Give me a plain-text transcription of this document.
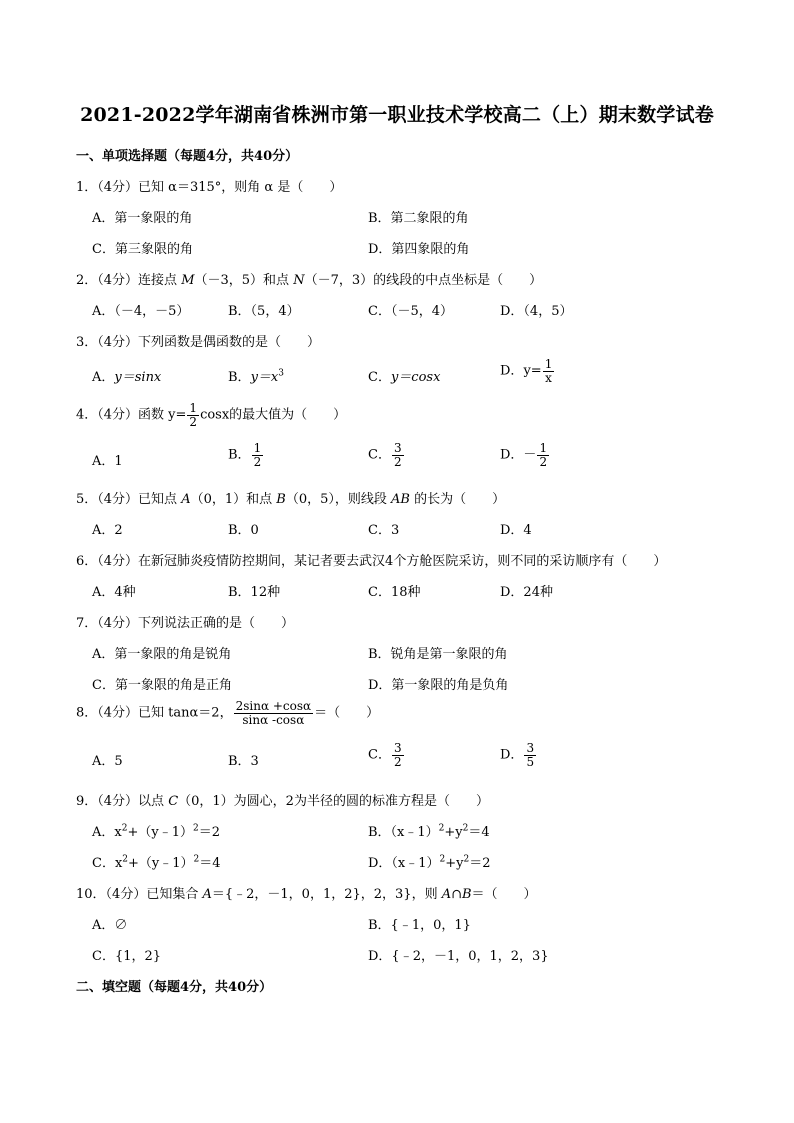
2021-2022学年湖南省株洲市第一职业技术学校高二（上）期末数学试卷
一、单项选择题（每题4分，共40分）
1．（4分）已知 α＝315°，则角 α 是（　　）
A．第一象限的角	B．第二象限的角
C．第三象限的角	D．第四象限的角
2．（4分）连接点 M（－3，5）和点 N（－7，3）的线段的中点坐标是（　　）
A．（－4，－5）	B．（5，4）	C．（－5，4）	D．（4，5）
3．（4分）下列函数是偶函数的是（　　）
A．y＝sinx	B．$y=x^3$	C．y＝cosx	D．$y= \frac{1}{x}$
4．（4分）函数 $y= \frac{1}{2}$ cosx的最大值为（　　）
A．1	B． $\frac{1}{2}$	C． $\frac{3}{2}$	D．－ $\frac{1}{2}$
5．（4分）已知点 A（0，1）和点 B（0，5），则线段 AB 的长为（　　）
A．2	B．0	C．3	D．4
6．（4分）在新冠肺炎疫情防控期间，某记者要去武汉4个方舱医院采访，则不同的采访顺序有（　　）
A．4种	B．12种	C．18种	D．24种
7．（4分）下列说法正确的是（　　）
A．第一象限的角是锐角	B．锐角是第一象限的角
C．第一象限的角是正角	D．第一象限的角是负角
8．（4分）已知 tanα＝2， $\frac{2\sin\alpha +\cos\alpha}{\sin\alpha -\cos\alpha}$ ＝（　　）
A．5	B．3	C． $\frac{3}{2}$	D． $\frac{3}{5}$
9．（4分）以点 C（0，1）为圆心，2为半径的圆的标准方程是（　　）
A．$x^2+(y﹣1)^2=2$	B．$(x﹣1)^2+y^2=4$
C．$x^2+(y﹣1)^2=4$	D．$(x﹣1)^2+y^2=2$
10．（4分）已知集合 A＝{﹣2，－1，0，1，2}，2，3}，则 A∩B＝（　　）
A．∅	B．{﹣1，0，1}
C．{1，2}	D．{﹣2，－1，0，1，2，3}
二、填空题（每题4分，共40分）
